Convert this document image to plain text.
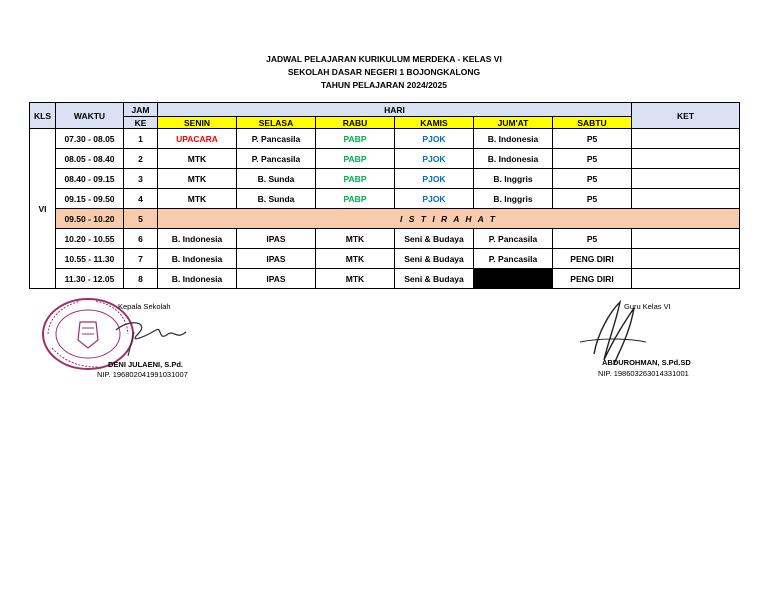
JADWAL PELAJARAN KURIKULUM MERDEKA - KELAS VI
SEKOLAH DASAR NEGERI 1 BOJONGKALONG
TAHUN PELAJARAN 2024/2025
KLS	WAKTU	JAM	HARI						KET
		KE	SENIN	SELASA	RABU	KAMIS	JUM'AT	SABTU	
VI	07.30 - 08.05	1	UPACARA	P. Pancasila	PABP	PJOK	B. Indonesia	P5	
	08.05 - 08.40	2	MTK	P. Pancasila	PABP	PJOK	B. Indonesia	P5	
	08.40 - 09.15	3	MTK	B. Sunda	PABP	PJOK	B. Inggris	P5	
	09.15 - 09.50	4	MTK	B. Sunda	PABP	PJOK	B. Inggris	P5	
	09.50 - 10.20	5	I S T I R A H A T						
	10.20 - 10.55	6	B. Indonesia	IPAS	MTK	Seni & Budaya	P. Pancasila	P5	
	10.55 - 11.30	7	B. Indonesia	IPAS	MTK	Seni & Budaya	P. Pancasila	PENG DIRI	
	11.30 - 12.05	8	B. Indonesia	IPAS	MTK	Seni & Budaya		PENG DIRI	
Kepala Sekolah
DENI JULAENI, S.Pd.
NIP. 196802041991031007
Guru Kelas VI
ABDUROHMAN, S.Pd.SD
NIP. 198603263014331001
